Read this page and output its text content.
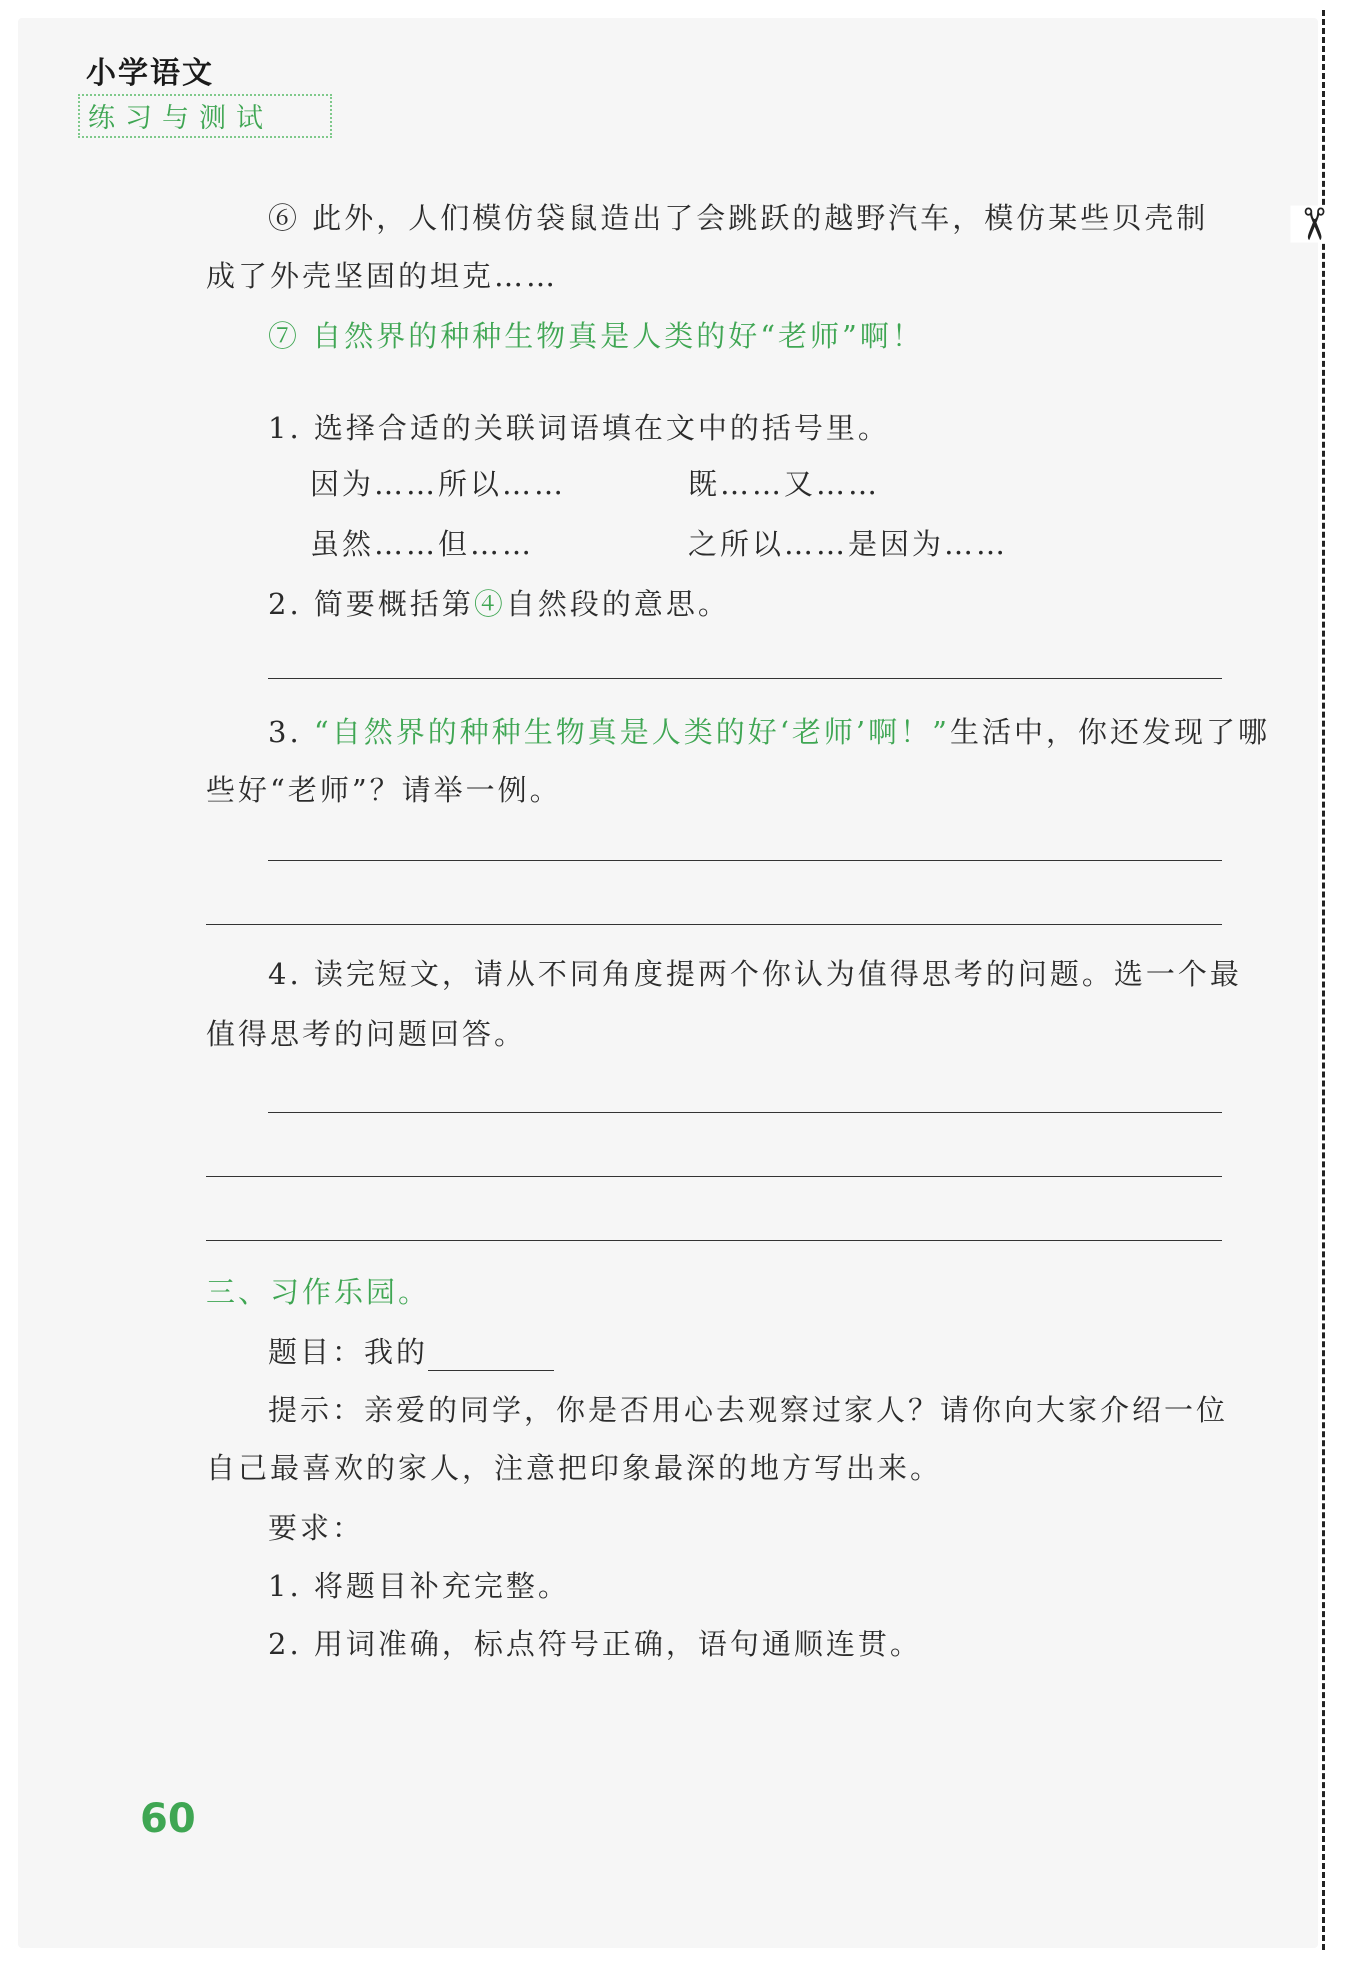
小学语文
练习与测试
✂
⑥ 此外，人们模仿袋鼠造出了会跳跃的越野汽车，模仿某些贝壳制
成了外壳坚固的坦克……
⑦ 自然界的种种生物真是人类的好“老师”啊！
1. 选择合适的关联词语填在文中的括号里。
因为……所以……	既……又……
虽然……但……	之所以……是因为……
2. 简要概括第④自然段的意思。
3. “自然界的种种生物真是人类的好‘老师’啊！”生活中，你还发现了哪
些好“老师”？请举一例。
4. 读完短文，请从不同角度提两个你认为值得思考的问题。选一个最
值得思考的问题回答。
三、习作乐园。
题目：我的
提示：亲爱的同学，你是否用心去观察过家人？请你向大家介绍一位
自己最喜欢的家人，注意把印象最深的地方写出来。
要求：
1. 将题目补充完整。
2. 用词准确，标点符号正确，语句通顺连贯。
60
